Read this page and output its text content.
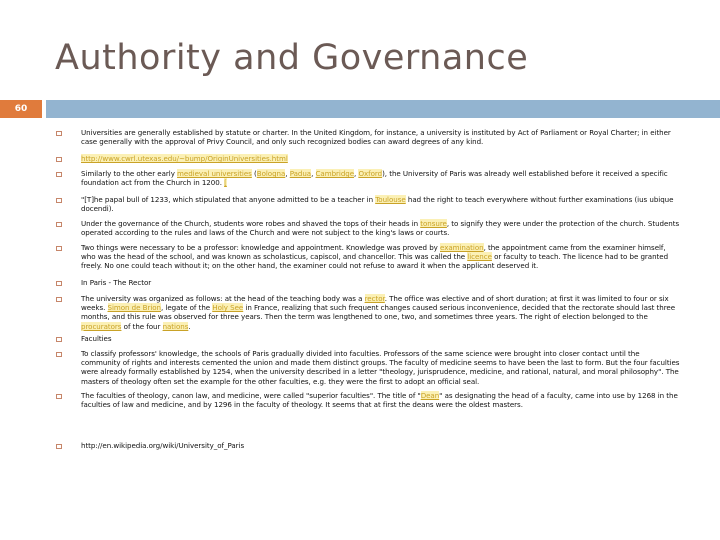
Authority and Governance
60
Universities are generally established by statute or charter. In the United Kingdom, for instance, a university is instituted by Act of Parliament or Royal Charter; in either case generally with the approval of Privy Council, and only such recognized bodies can award degrees of any kind.
http://www.cwrl.utexas.edu/~bump/OriginUniversities.html
Similarly to the other early medieval universities (Bologna, Padua, Cambridge, Oxford), the University of Paris was already well established before it received a specific foundation act from the Church in 1200. [
"[T]he papal bull of 1233, which stipulated that anyone admitted to be a teacher in Toulouse had the right to teach everywhere without further examinations (ius ubique docendi).
Under the governance of the Church, students wore robes and shaved the tops of their heads in tonsure, to signify they were under the protection of the church. Students operated according to the rules and laws of the Church and were not subject to the king's laws or courts.
Two things were necessary to be a professor: knowledge and appointment. Knowledge was proved by examination, the appointment came from the examiner himself, who was the head of the school, and was known as scholasticus, capiscol, and chancellor. This was called the licence or faculty to teach. The licence had to be granted freely. No one could teach without it; on the other hand, the examiner could not refuse to award it when the applicant deserved it.
In Paris - The Rector
The university was organized as follows: at the head of the teaching body was a rector. The office was elective and of short duration; at first it was limited to four or six weeks. Simon de Brion, legate of the Holy See in France, realizing that such frequent changes caused serious inconvenience, decided that the rectorate should last three months, and this rule was observed for three years. Then the term was lengthened to one, two, and sometimes three years. The right of election belonged to the procurators of the four nations.
Faculties
To classify professors' knowledge, the schools of Paris gradually divided into faculties. Professors of the same science were brought into closer contact until the community of rights and interests cemented the union and made them distinct groups. The faculty of medicine seems to have been the last to form. But the four faculties were already formally established by 1254, when the university described in a letter "theology, jurisprudence, medicine, and rational, natural, and moral philosophy". The masters of theology often set the example for the other faculties, e.g. they were the first to adopt an official seal.
The faculties of theology, canon law, and medicine, were called "superior faculties". The title of "Dean" as designating the head of a faculty, came into use by 1268 in the faculties of law and medicine, and by 1296 in the faculty of theology. It seems that at first the deans were the oldest masters.
http://en.wikipedia.org/wiki/University_of_Paris
